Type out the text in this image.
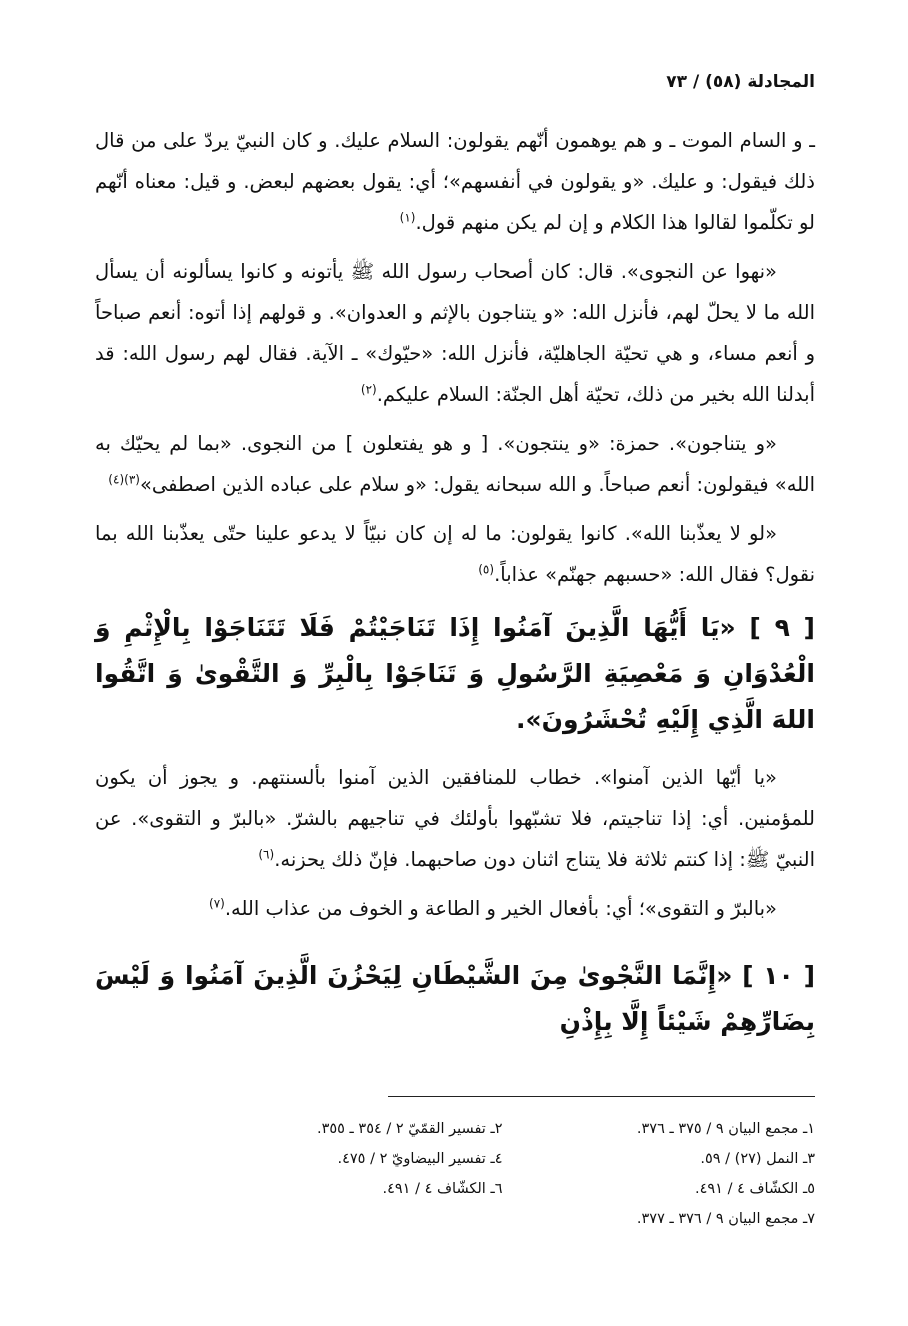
المجادلة (٥٨) / ٧٣

ـ و السام الموت ـ و هم يوهمون أنّهم يقولون: السلام عليك. و كان النبيّ يردّ على من قال ذلك فيقول: و عليك. «و يقولون في أنفسهم»؛ أي: يقول بعضهم لبعض. و قيل: معناه أنّهم لو تكلّموا لقالوا هذا الكلام و إن لم يكن منهم قول.$^{(١)}$

«نهوا عن النجوى». قال: كان أصحاب رسول الله ﷺ يأتونه و كانوا يسألونه أن يسأل الله ما لا يحلّ لهم، فأنزل الله: «و يتناجون بالإثم و العدوان». و قولهم إذا أتوه: أنعم صباحاً و أنعم مساء، و هي تحيّة الجاهليّة، فأنزل الله: «حيّوك» ـ الآية. فقال لهم رسول الله: قد أبدلنا الله بخير من ذلك، تحيّة أهل الجنّة: السلام عليكم.$^{(٢)}$

«و يتناجون». حمزة: «و ينتجون». [ و هو يفتعلون ] من النجوى. «بما لم يحيّك به الله» فيقولون: أنعم صباحاً. و الله سبحانه يقول: «و سلام على عباده الذين اصطفى»$^{(٣)(٤)}$

«لو لا يعذّبنا الله». كانوا يقولون: ما له إن كان نبيّاً لا يدعو علينا حتّى يعذّبنا الله بما نقول؟ فقال الله: «حسبهم جهنّم» عذاباً.$^{(٥)}$

[ ٩ ] «يَا أَيُّهَا الَّذِينَ آمَنُوا إِذَا تَنَاجَيْتُمْ فَلَا تَتَنَاجَوْا بِالْإِثْمِ وَ الْعُدْوَانِ وَ مَعْصِيَةِ الرَّسُولِ وَ تَنَاجَوْا بِالْبِرِّ وَ التَّقْوىٰ وَ اتَّقُوا اللهَ الَّذِي إِلَيْهِ تُحْشَرُونَ».

«يا أيّها الذين آمنوا». خطاب للمنافقين الذين آمنوا بألسنتهم. و يجوز أن يكون للمؤمنين. أي: إذا تناجيتم، فلا تشبّهوا بأولئك في تناجيهم بالشرّ. «بالبرّ و التقوى». عن النبيّ ﷺ: إذا كنتم ثلاثة فلا يتناج اثنان دون صاحبهما. فإنّ ذلك يحزنه.$^{(٦)}$

«بالبرّ و التقوى»؛ أي: بأفعال الخير و الطاعة و الخوف من عذاب الله.$^{(٧)}$

[ ١٠ ] «إِنَّمَا النَّجْوىٰ مِنَ الشَّيْطَانِ لِيَحْزُنَ الَّذِينَ آمَنُوا وَ لَيْسَ بِضَارِّهِمْ شَيْئاً إِلَّا بِإِذْنِ

١ـ مجمع البيان ٩ / ٣٧٥ ـ ٣٧٦.
٢ـ تفسير القمّيّ ٢ / ٣٥٤ ـ ٣٥٥.
٣ـ النمل (٢٧) / ٥٩.
٤ـ تفسير البيضاويّ ٢ / ٤٧٥.
٥ـ الكشّاف ٤ / ٤٩١.
٦ـ الكشّاف ٤ / ٤٩١.
٧ـ مجمع البيان ٩ / ٣٧٦ ـ ٣٧٧.
